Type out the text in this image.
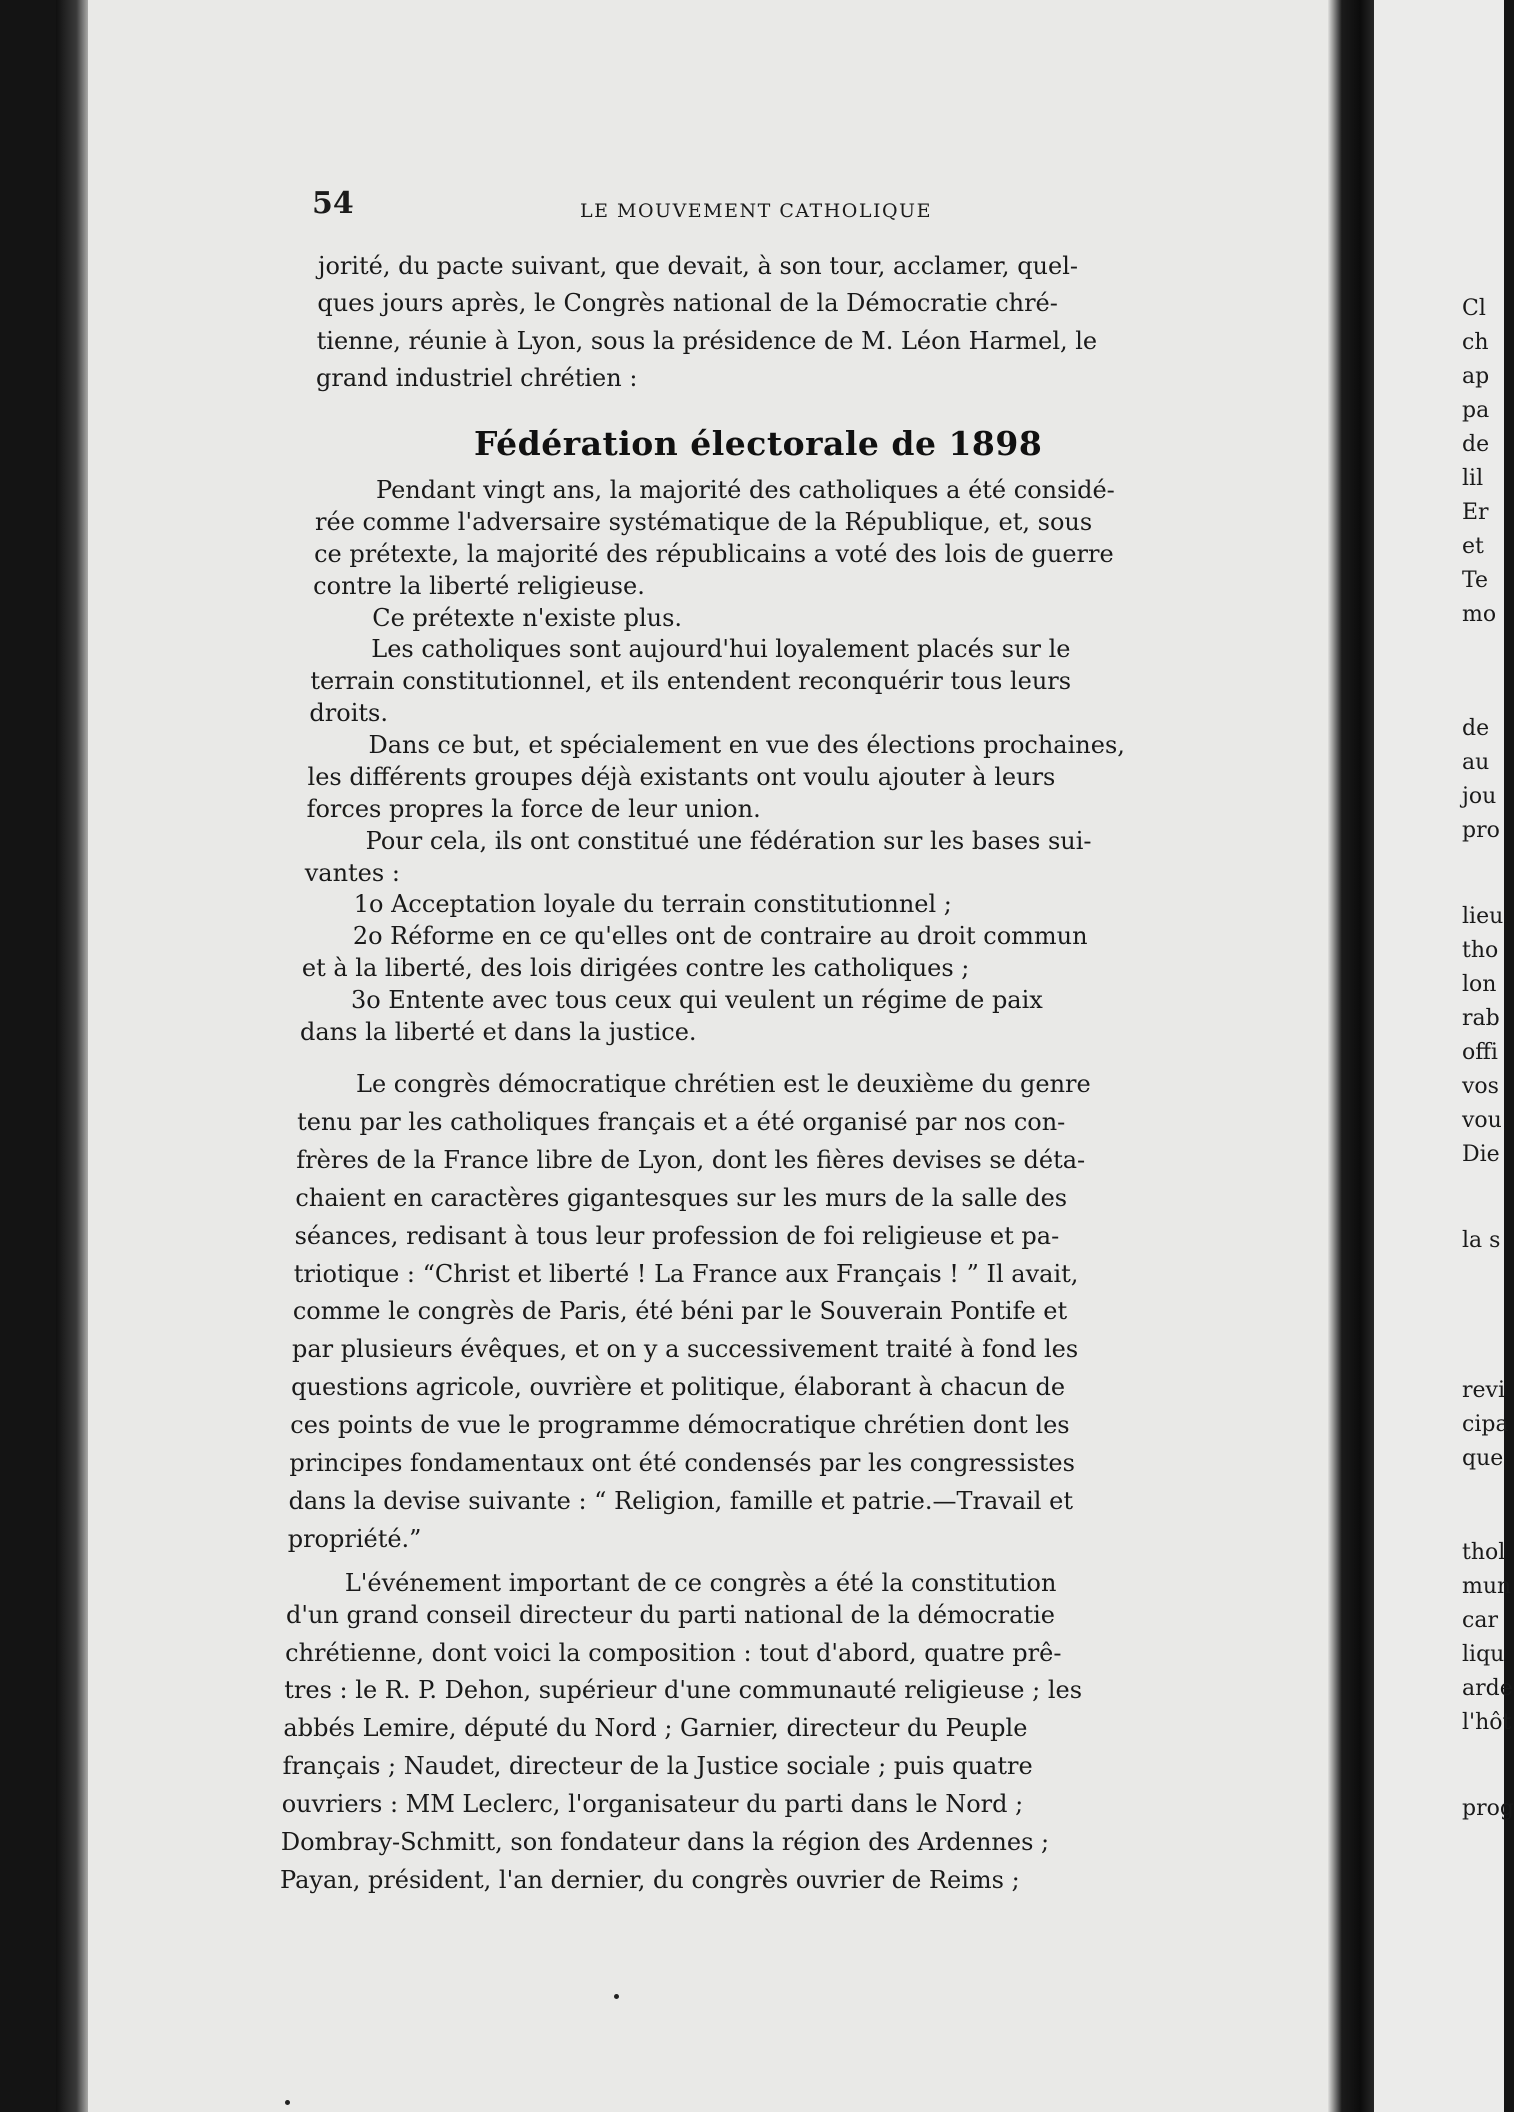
54	LE MOUVEMENT CATHOLIQUE
jorité, du pacte suivant, que devait, à son tour, acclamer, quel-
ques jours après, le Congrès national de la Démocratie chré-
tienne, réunie à Lyon, sous la présidence de M. Léon Harmel, le
grand industriel chrétien :
Fédération électorale de 1898
Pendant vingt ans, la majorité des catholiques a été considé-
rée comme l'adversaire systématique de la République, et, sous
ce prétexte, la majorité des républicains a voté des lois de guerre
contre la liberté religieuse.
Ce prétexte n'existe plus.
Les catholiques sont aujourd'hui loyalement placés sur le
terrain constitutionnel, et ils entendent reconquérir tous leurs
droits.
Dans ce but, et spécialement en vue des élections prochaines,
les différents groupes déjà existants ont voulu ajouter à leurs
forces propres la force de leur union.
Pour cela, ils ont constitué une fédération sur les bases sui-
vantes :
1o Acceptation loyale du terrain constitutionnel ;
2o Réforme en ce qu'elles ont de contraire au droit commun
et à la liberté, des lois dirigées contre les catholiques ;
3o Entente avec tous ceux qui veulent un régime de paix
dans la liberté et dans la justice.
Le congrès démocratique chrétien est le deuxième du genre
tenu par les catholiques français et a été organisé par nos con-
frères de la France libre de Lyon, dont les fières devises se déta-
chaient en caractères gigantesques sur les murs de la salle des
séances, redisant à tous leur profession de foi religieuse et pa-
triotique : “Christ et liberté ! La France aux Français ! ” Il avait,
comme le congrès de Paris, été béni par le Souverain Pontife et
par plusieurs évêques, et on y a successivement traité à fond les
questions agricole, ouvrière et politique, élaborant à chacun de
ces points de vue le programme démocratique chrétien dont les
principes fondamentaux ont été condensés par les congressistes
dans la devise suivante : “ Religion, famille et patrie.—Travail et
propriété.”
L'événement important de ce congrès a été la constitution
d'un grand conseil directeur du parti national de la démocratie
chrétienne, dont voici la composition : tout d'abord, quatre prê-
tres : le R. P. Dehon, supérieur d'une communauté religieuse ; les
abbés Lemire, député du Nord ; Garnier, directeur du Peuple
français ; Naudet, directeur de la Justice sociale ; puis quatre
ouvriers : MM Leclerc, l'organisateur du parti dans le Nord ;
Dombray-Schmitt, son fondateur dans la région des Ardennes ;
Payan, président, l'an dernier, du congrès ouvrier de Reims ;
Cl
ch
ap
pa
de
lil
Er
et
Te
mo
de
au
jou
pro
lieu
tho
lon
rab
offi
vos
vou
Die
la s
revi
cipa
que
thol
mun
car
liqu
arde
l'hôt
prog
